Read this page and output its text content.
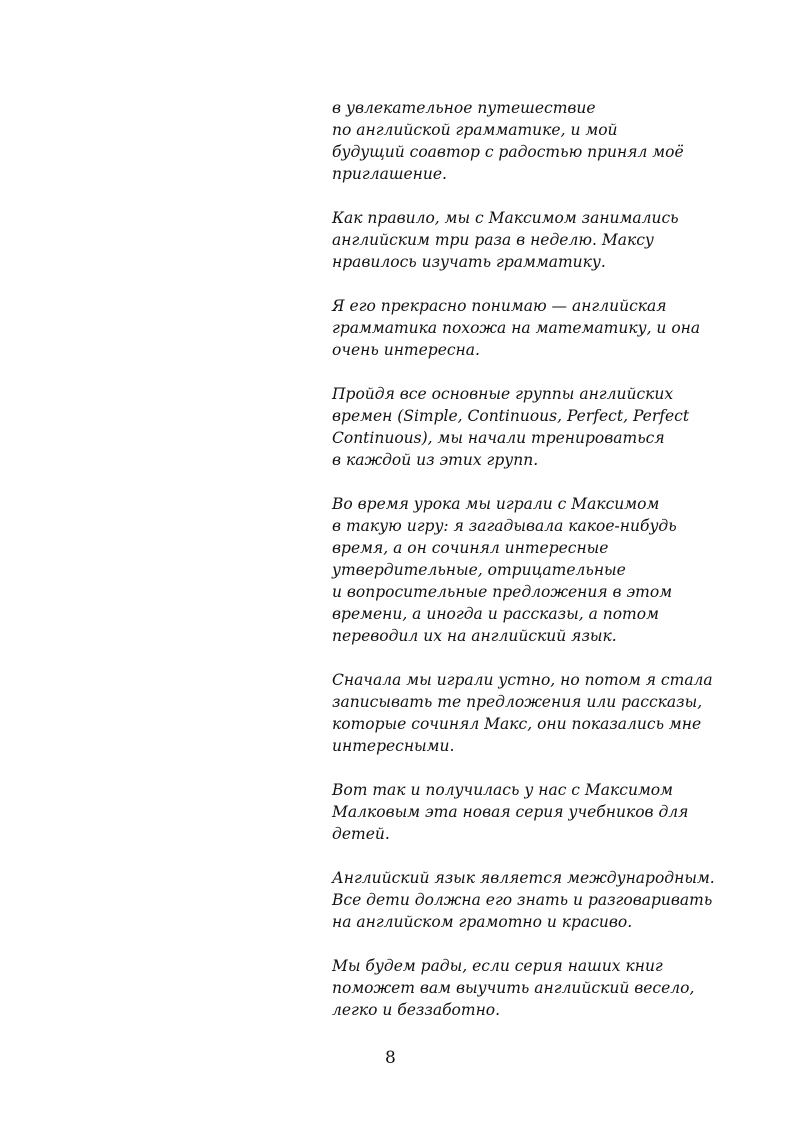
в увлекательное путешествие
по английской грамматике, и мой
будущий соавтор с радостью принял моё
приглашение.

Как правило, мы с Максимом занимались
английским три раза в неделю. Максу
нравилось изучать грамматику.

Я его прекрасно понимаю — английская
грамматика похожа на математику, и она
очень интересна.

Пройдя все основные группы английских
времен (Simple, Continuous, Perfect, Perfect
Continuous), мы начали тренироваться
в каждой из этих групп.

Во время урока мы играли с Максимом
в такую игру: я загадывала какое-нибудь
время, а он сочинял интересные
утвердительные, отрицательные
и вопросительные предложения в этом
времени, а иногда и рассказы, а потом
переводил их на английский язык.

Сначала мы играли устно, но потом я стала
записывать те предложения или рассказы,
которые сочинял Макс, они показались мне
интересными.

Вот так и получилась у нас с Максимом
Малковым эта новая серия учебников для
детей.

Английский язык является международным.
Все дети должна его знать и разговаривать
на английском грамотно и красиво.

Мы будем рады, если серия наших книг
поможет вам выучить английский весело,
легко и беззаботно.

8
